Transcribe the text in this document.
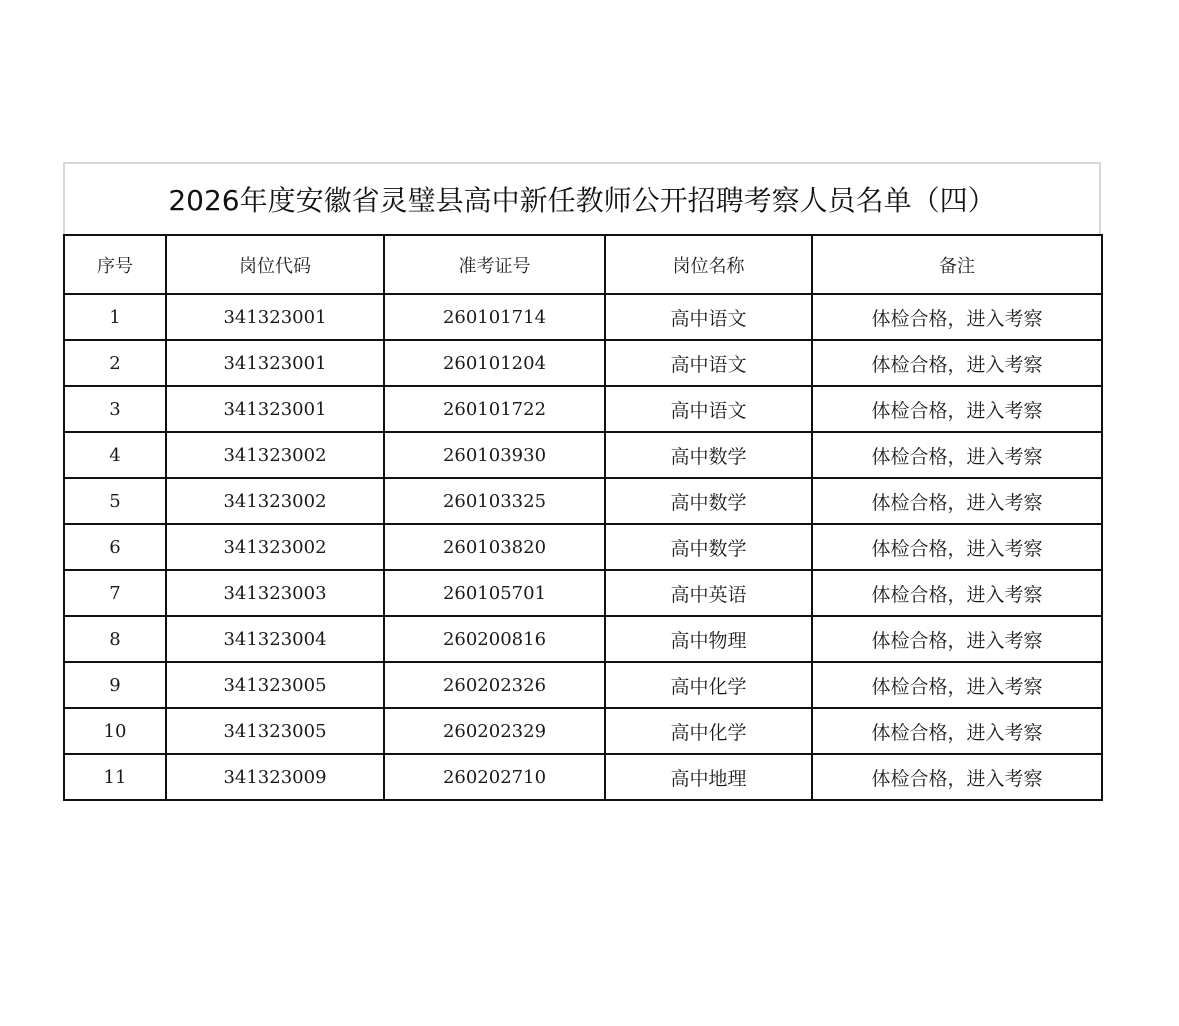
2026年度安徽省灵璧县高中新任教师公开招聘考察人员名单（四）
序号	岗位代码	准考证号	岗位名称	备注
1	341323001	260101714	高中语文	体检合格，进入考察
2	341323001	260101204	高中语文	体检合格，进入考察
3	341323001	260101722	高中语文	体检合格，进入考察
4	341323002	260103930	高中数学	体检合格，进入考察
5	341323002	260103325	高中数学	体检合格，进入考察
6	341323002	260103820	高中数学	体检合格，进入考察
7	341323003	260105701	高中英语	体检合格，进入考察
8	341323004	260200816	高中物理	体检合格，进入考察
9	341323005	260202326	高中化学	体检合格，进入考察
10	341323005	260202329	高中化学	体检合格，进入考察
11	341323009	260202710	高中地理	体检合格，进入考察
